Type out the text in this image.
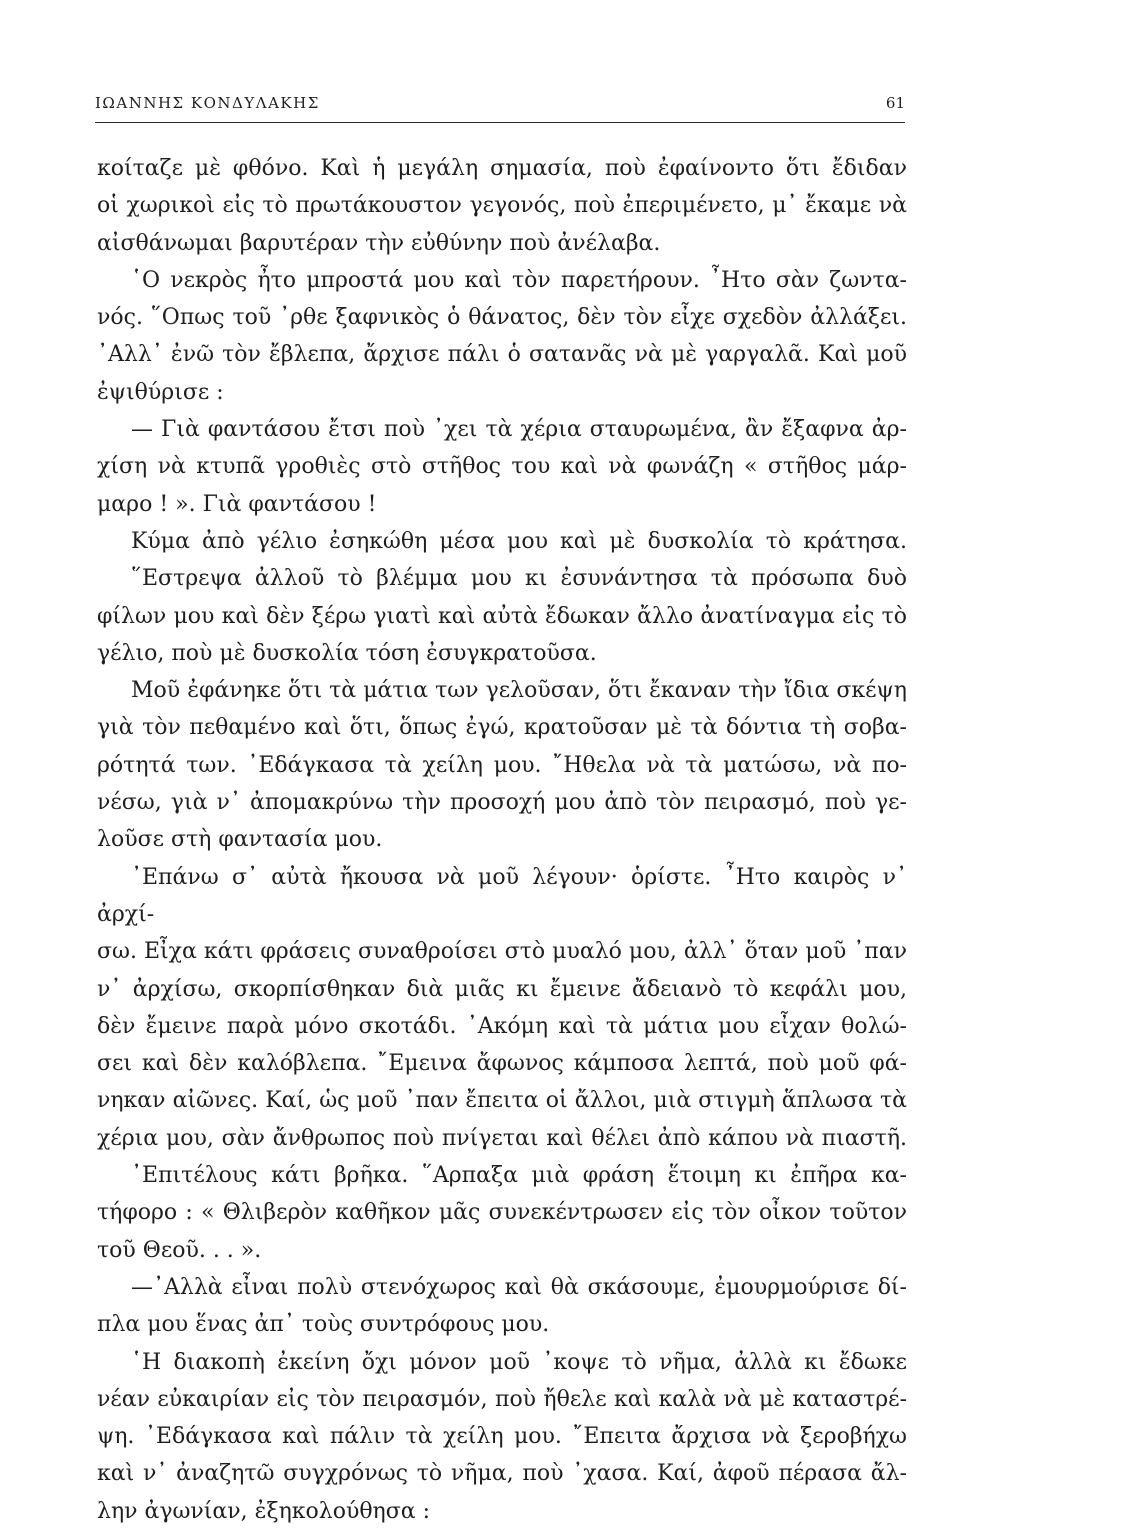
ΙΩΑΝΝΗΣ ΚΟΝΔΥΛΑΚΗΣ	61

κοίταζε μὲ φθόνο. Καὶ ἡ μεγάλη σημασία, ποὺ ἐφαίνοντο ὅτι ἔδιδαν

οἱ χωρικοὶ εἰς τὸ πρωτάκουστον γεγονός, ποὺ ἐπεριμένετο, μ᾿ ἔκαμε νὰ

αἰσθάνωμαι βαρυτέραν τὴν εὐθύνην ποὺ ἀνέλαβα.

῾Ο νεκρὸς ἦτο μπροστά μου καὶ τὸν παρετήρουν. ῏Ητο σὰν ζωντα-

νός. ῞Οπως τοῦ ᾽ρθε ξαφνικὸς ὁ θάνατος, δὲν τὸν εἶχε σχεδὸν ἀλλάξει.

᾽Αλλ᾽ ἐνῶ τὸν ἔβλεπα, ἄρχισε πάλι ὁ σατανᾶς νὰ μὲ γαργαλᾶ. Καὶ μοῦ

ἐψιθύρισε :

— Γιὰ φαντάσου ἔτσι ποὺ ᾽χει τὰ χέρια σταυρωμένα, ἂν ἔξαφνα ἀρ-

χίση νὰ κτυπᾶ γροθιὲς στὸ στῆθος του καὶ νὰ φωνάζη « στῆθος μάρ-

μαρο ! ». Γιὰ φαντάσου !

Κύμα ἀπὸ γέλιο ἐσηκώθη μέσα μου καὶ μὲ δυσκολία τὸ κράτησα.

῞Εστρεψα ἀλλοῦ τὸ βλέμμα μου κι ἐσυνάντησα τὰ πρόσωπα δυὸ

φίλων μου καὶ δὲν ξέρω γιατὶ καὶ αὐτὰ ἔδωκαν ἄλλο ἀνατίναγμα εἰς τὸ

γέλιο, ποὺ μὲ δυσκολία τόση ἐσυγκρατοῦσα.

Μοῦ ἐφάνηκε ὅτι τὰ μάτια των γελοῦσαν, ὅτι ἔκαναν τὴν ἴδια σκέψη

γιὰ τὸν πεθαμένο καὶ ὅτι, ὅπως ἐγώ, κρατοῦσαν μὲ τὰ δόντια τὴ σοβα-

ρότητά των. ᾽Εδάγκασα τὰ χείλη μου. ῎Ηθελα νὰ τὰ ματώσω, νὰ πο-

νέσω, γιὰ ν᾿ ἀπομακρύνω τὴν προσοχή μου ἀπὸ τὸν πειρασμό, ποὺ γε-

λοῦσε στὴ φαντασία μου.

᾽Επάνω σ᾿ αὐτὰ ἤκουσα νὰ μοῦ λέγουν· ὁρίστε. ῏Ητο καιρὸς ν᾿ ἀρχί-

σω. Εἶχα κάτι φράσεις συναθροίσει στὸ μυαλό μου, ἀλλ᾿ ὅταν μοῦ ᾽παν

ν᾿ ἀρχίσω, σκορπίσθηκαν διὰ μιᾶς κι ἔμεινε ἄδειανὸ τὸ κεφάλι μου,

δὲν ἔμεινε παρὰ μόνο σκοτάδι. ᾽Ακόμη καὶ τὰ μάτια μου εἶχαν θολώ-

σει καὶ δὲν καλόβλεπα. ῎Εμεινα ἄφωνος κάμποσα λεπτά, ποὺ μοῦ φά-

νηκαν αἰῶνες. Καί, ὡς μοῦ ᾽παν ἔπειτα οἱ ἄλλοι, μιὰ στιγμὴ ἅπλωσα τὰ

χέρια μου, σὰν ἄνθρωπος ποὺ πνίγεται καὶ θέλει ἀπὸ κάπου νὰ πιαστῆ.

᾽Επιτέλους κάτι βρῆκα. ῞Αρπαξα μιὰ φράση ἕτοιμη κι ἐπῆρα κα-

τήφορο : « Θλιβερὸν καθῆκον μᾶς συνεκέντρωσεν εἰς τὸν οἶκον τοῦτον

τοῦ Θεοῦ. . . ».

—᾽Αλλὰ εἶναι πολὺ στενόχωρος καὶ θὰ σκάσουμε, ἐμουρμούρισε δί-

πλα μου ἕνας ἀπ᾿ τοὺς συντρόφους μου.

῾Η διακοπὴ ἐκείνη ὄχι μόνον μοῦ ᾽κοψε τὸ νῆμα, ἀλλὰ κι ἔδωκε

νέαν εὐκαιρίαν εἰς τὸν πειρασμόν, ποὺ ἤθελε καὶ καλὰ νὰ μὲ καταστρέ-

ψη. ᾽Εδάγκασα καὶ πάλιν τὰ χείλη μου. ῎Επειτα ἄρχισα νὰ ξεροβήχω

καὶ ν᾿ ἀναζητῶ συγχρόνως τὸ νῆμα, ποὺ ᾽χασα. Καί, ἀφοῦ πέρασα ἄλ-

λην ἀγωνίαν, ἐξηκολούθησα :
